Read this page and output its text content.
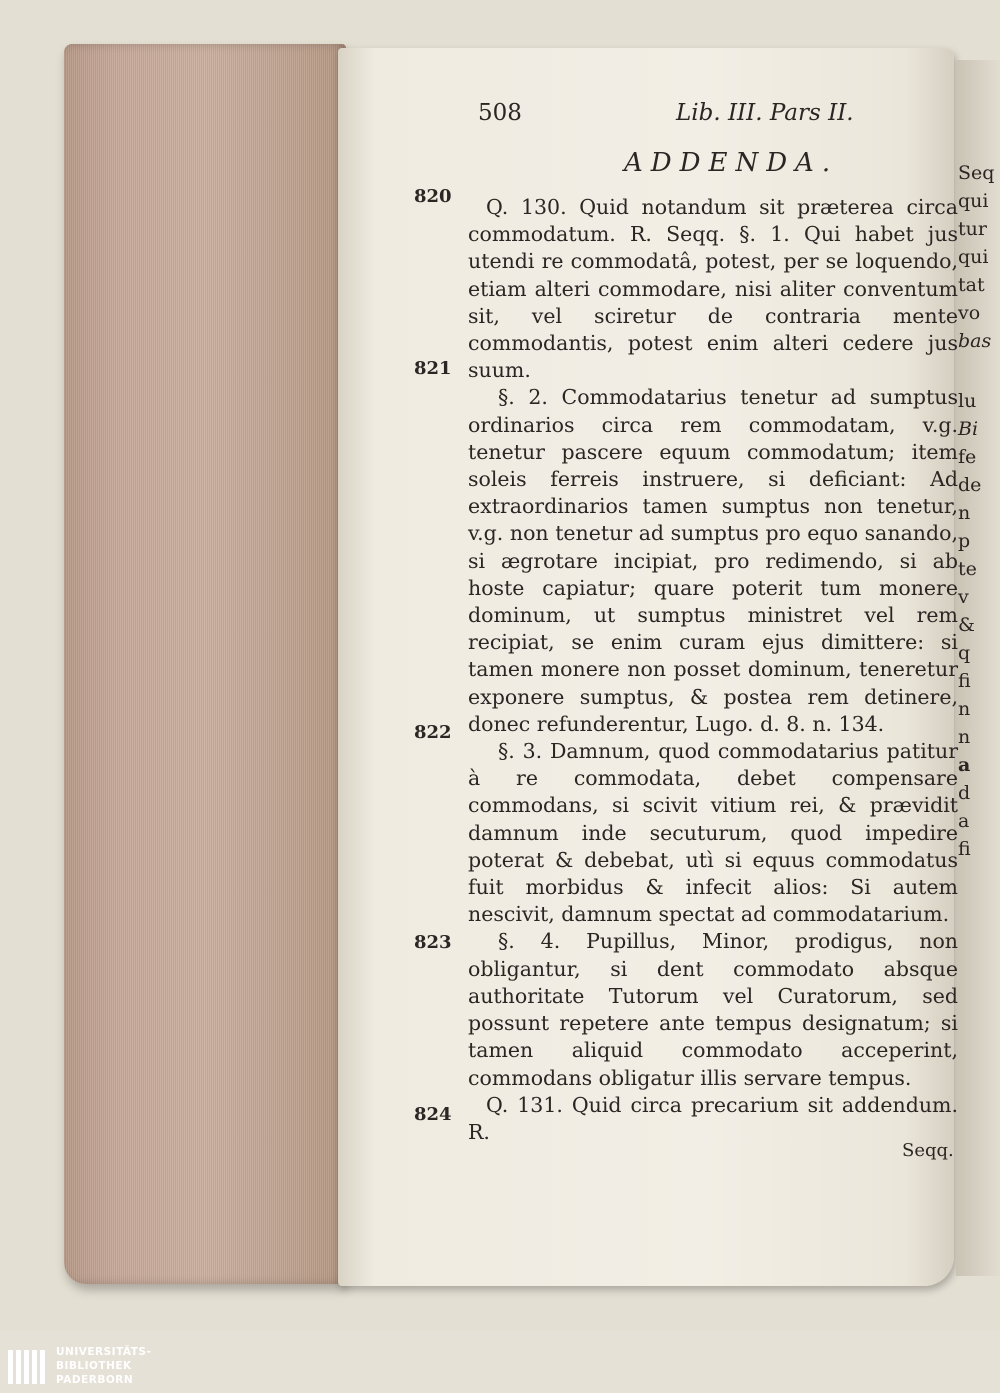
Seq
qui
tur
qui
tat
vo
bas
lu
Bi
fe
de
n
p
te
v
&
q
fi
n
n
a
d
a
fi
508	Lib. III. Pars II.
ADDENDA.
820
821
822
823
824

Q. 130. Quid notandum sit præterea circa commodatum. R. Seqq. §. 1. Qui habet jus utendi re commodatâ, potest, per se loquendo, etiam alteri commodare, nisi aliter conventum sit, vel sciretur de contraria mente commodantis, potest enim alteri cedere jus suum.

§. 2. Commodatarius tenetur ad sumptus ordinarios circa rem commodatam, v.g. tenetur pascere equum commodatum; item soleis ferreis instruere, si deficiant: Ad extraordinarios tamen sumptus non tenetur, v.g. non tenetur ad sumptus pro equo sanando, si ægrotare incipiat, pro redimendo, si ab hoste capiatur; quare poterit tum monere dominum, ut sumptus ministret vel rem recipiat, se enim curam ejus dimittere: si tamen monere non posset dominum, teneretur exponere sumptus, & postea rem detinere, donec refunderentur, Lugo. d. 8. n. 134.

§. 3. Damnum, quod commodatarius patitur à re commodata, debet compensare commodans, si scivit vitium rei, & prævidit damnum inde secuturum, quod impedire poterat & debebat, utì si equus commodatus fuit morbidus & infecit alios: Si autem nescivit, damnum spectat ad commodatarium.

§. 4. Pupillus, Minor, prodigus, non obligantur, si dent commodato absque authoritate Tutorum vel Curatorum, sed possunt repetere ante tempus designatum; si tamen aliquid commodato acceperint, commodans obligatur illis servare tempus.

Q. 131. Quid circa precarium sit addendum. R.

Seqq.
UNIVERSITÄTS-
BIBLIOTHEK
PADERBORN
